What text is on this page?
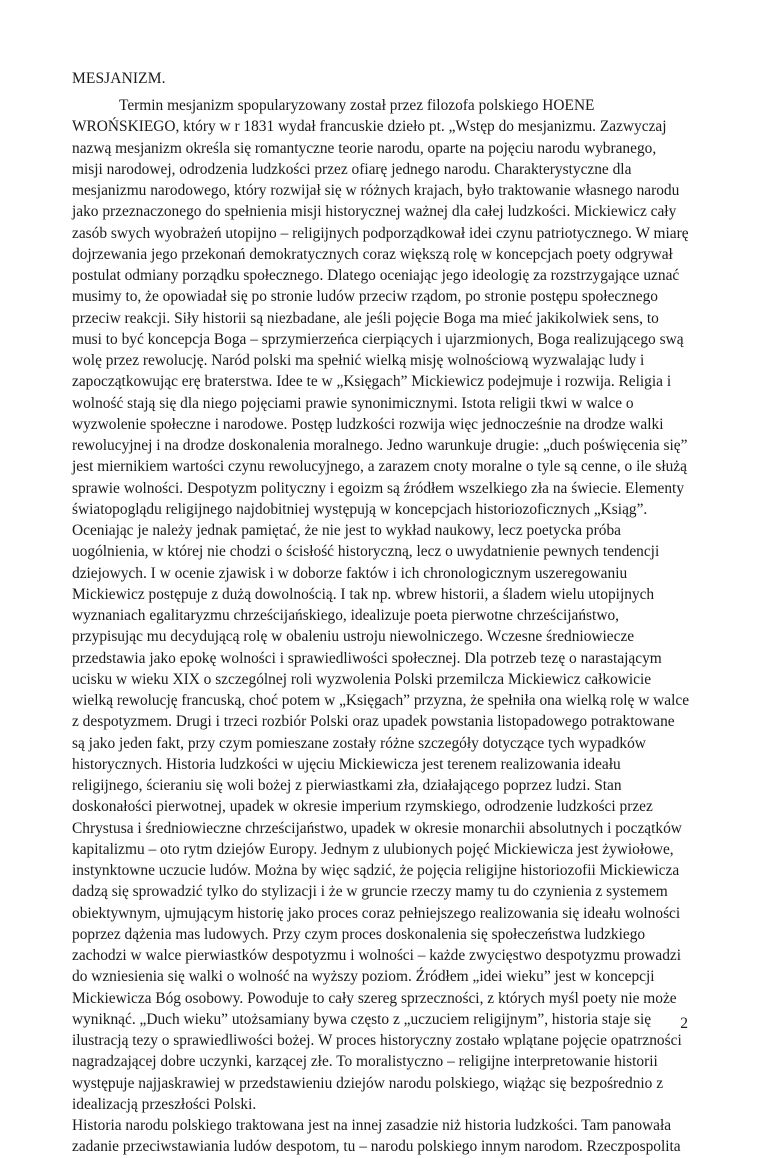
MESJANIZM.
Termin mesjanizm spopularyzowany został przez filozofa polskiego HOENE
WROŃSKIEGO, który w r 1831 wydał francuskie dzieło pt. „Wstęp do mesjanizmu. Zazwyczaj
nazwą mesjanizm określa się romantyczne teorie narodu, oparte na pojęciu narodu wybranego,
misji narodowej, odrodzenia ludzkości przez ofiarę jednego narodu. Charakterystyczne dla
mesjanizmu narodowego, który rozwijał się w różnych krajach, było traktowanie własnego narodu
jako przeznaczonego do spełnienia misji historycznej ważnej dla całej ludzkości. Mickiewicz cały
zasób swych wyobrażeń utopijno – religijnych podporządkował idei czynu patriotycznego. W miarę
dojrzewania jego przekonań demokratycznych coraz większą rolę w koncepcjach poety odgrywał
postulat odmiany porządku społecznego. Dlatego oceniając jego ideologię za rozstrzygające uznać
musimy to, że opowiadał się po stronie ludów przeciw rządom, po stronie postępu społecznego
przeciw reakcji. Siły historii są niezbadane, ale jeśli pojęcie Boga ma mieć jakikolwiek sens, to
musi to być koncepcja Boga – sprzymierzeńca cierpiących i ujarzmionych, Boga realizującego swą
wolę przez rewolucję. Naród polski ma spełnić wielką misję wolnościową wyzwalając ludy i
zapoczątkowując erę braterstwa. Idee te w „Księgach” Mickiewicz podejmuje i rozwija. Religia i
wolność stają się dla niego pojęciami prawie synonimicznymi. Istota religii tkwi w walce o
wyzwolenie społeczne i narodowe. Postęp ludzkości rozwija więc jednocześnie na drodze walki
rewolucyjnej i na drodze doskonalenia moralnego. Jedno warunkuje drugie: „duch poświęcenia się”
jest miernikiem wartości czynu rewolucyjnego, a zarazem cnoty moralne o tyle są cenne, o ile służą
sprawie wolności. Despotyzm polityczny i egoizm są źródłem wszelkiego zła na świecie. Elementy
światopoglądu religijnego najdobitniej występują w koncepcjach historiozoficznych „Ksiąg”.
Oceniając je należy jednak pamiętać, że nie jest to wykład naukowy, lecz poetycka próba
uogólnienia, w której nie chodzi o ścisłość historyczną, lecz o uwydatnienie pewnych tendencji
dziejowych. I w ocenie zjawisk i w doborze faktów i ich chronologicznym uszeregowaniu
Mickiewicz postępuje z dużą dowolnością. I tak np. wbrew historii, a śladem wielu utopijnych
wyznaniach egalitaryzmu chrześcijańskiego, idealizuje poeta pierwotne chrześcijaństwo,
przypisując mu decydującą rolę w obaleniu ustroju niewolniczego. Wczesne średniowiecze
przedstawia jako epokę wolności i sprawiedliwości społecznej. Dla potrzeb tezę o narastającym
ucisku w wieku XIX o szczególnej roli wyzwolenia Polski przemilcza Mickiewicz całkowicie
wielką rewolucję francuską, choć potem w „Księgach” przyzna, że spełniła ona wielką rolę w walce
z despotyzmem. Drugi i trzeci rozbiór Polski oraz upadek powstania listopadowego potraktowane
są jako jeden fakt, przy czym pomieszane zostały różne szczegóły dotyczące tych wypadków
historycznych. Historia ludzkości w ujęciu Mickiewicza jest terenem realizowania ideału
religijnego, ścieraniu się woli bożej z pierwiastkami zła, działającego poprzez ludzi. Stan
doskonałości pierwotnej, upadek w okresie imperium rzymskiego, odrodzenie ludzkości przez
Chrystusa i średniowieczne chrześcijaństwo, upadek w okresie monarchii absolutnych i początków
kapitalizmu – oto rytm dziejów Europy. Jednym z ulubionych pojęć Mickiewicza jest żywiołowe,
instynktowne uczucie ludów. Można by więc sądzić, że pojęcia religijne historiozofii Mickiewicza
dadzą się sprowadzić tylko do stylizacji i że w gruncie rzeczy mamy tu do czynienia z systemem
obiektywnym, ujmującym historię jako proces coraz pełniejszego realizowania się ideału wolności
poprzez dążenia mas ludowych. Przy czym proces doskonalenia się społeczeństwa ludzkiego
zachodzi w walce pierwiastków despotyzmu i wolności – każde zwycięstwo despotyzmu prowadzi
do wzniesienia się walki o wolność na wyższy poziom. Źródłem „idei wieku” jest w koncepcji
Mickiewicza Bóg osobowy. Powoduje to cały szereg sprzeczności, z których myśl poety nie może
wyniknąć. „Duch wieku” utożsamiany bywa często z „uczuciem religijnym”, historia staje się
ilustracją tezy o sprawiedliwości bożej. W proces historyczny zostało wplątane pojęcie opatrzności
nagradzającej dobre uczynki, karzącej złe. To moralistyczno – religijne interpretowanie historii
występuje najjaskrawiej w przedstawieniu dziejów narodu polskiego, wiążąc się bezpośrednio z
idealizacją przeszłości Polski.
Historia narodu polskiego traktowana jest na innej zasadzie niż historia ludzkości. Tam panowała
zadanie przeciwstawiania ludów despotom, tu – narodu polskiego innym narodom. Rzeczpospolita
2
